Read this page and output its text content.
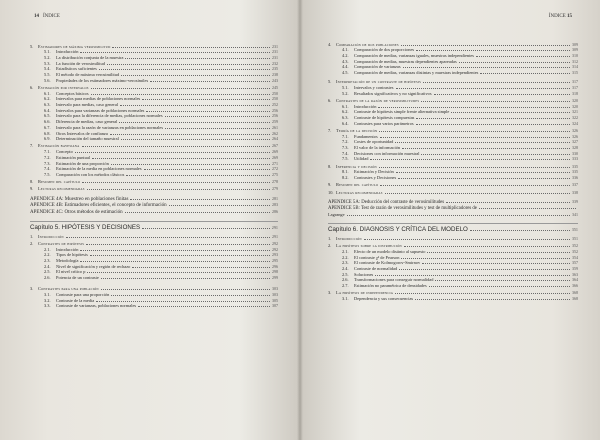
14 ÍNDICE
5.	Estimadores de máxima verosimilitud	231
5.1.	Introducción	231
5.2.	La distribución conjunta de la muestra	231
5.3.	La función de verosimilitud	232
5.4.	Estadísticos suficientes	235
5.5.	El método de máxima verosimilitud	238
5.6.	Propiedades de los estimadores máximo-verosímiles	243
6.	Estimación por intervalos	245
6.1.	Conceptos básicos	250
6.2.	Intervalos para medias de poblaciones normales	250
6.3.	Intervalo para medias, caso general	252
6.4.	Intervalos para varianzas de poblaciones normales	256
6.5.	Intervalo para la diferencia de medias, poblaciones normales	256
6.6.	Diferencia de medias, caso general	259
6.7.	Intervalo para la razón de varianzas en poblaciones normales	261
6.8.	Otros Intervalos de confianza	262
6.9.	Determinación del tamaño muestral	264
7.	Estimación bayesiana	267
7.1.	Concepto	269
7.2.	Estimación puntual	269
7.3.	Estimación de una proporción	271
7.4.	Estimación de la media en poblaciones normales	272
7.5.	Comparación con los métodos clásicos	275
8.	Resumen del capítulo	278
9.	Lecturas recomendadas	279
APENDICE 4A: Muestreo en poblaciones finitas	281
APENDICE 4B: Estimadores eficientes, el concepto de información	283
APENDICE 4C: Otros métodos de estimación	286
Capítulo 5. HIPÓTESIS Y DECISIONES	291
1.	Introducción	291
2.	Contrastes de hipótesis	292
2.1.	Introducción	292
2.2.	Tipos de hipótesis	293
2.3.	Metodología	295
2.4.	Nivel de significación y región de rechazo	296
2.5.	El nivel crítico p	298
2.6.	Potencia de un contraste	299
3.	Contrastes para una población	303
3.1.	Contraste para una proporción	303
3.2.	Contraste de la media	305
3.3.	Contraste de varianzas, poblaciones normales	307
ÍNDICE 15
4.	Comparación de dos poblaciones	309
4.1.	Comparación de dos proporciones	309
4.2.	Comparación de medias, varianzas iguales, muestras independientes	310
4.3.	Comparación de medias, muestras dependientes apareadas	312
4.4.	Comparación de varianzas	314
4.5.	Comparación de medias, varianzas distintas y muestras independientes	315
5.	Interpretación de un contraste de hipótesis	317
5.1.	Intervalos y contrastes	317
5.2.	Resultados significativos y no significativos	318
6.	Contrastes de la razón de verosimilitudes	320
6.1.	Introducción	320
6.2.	Contraste de hipótesis simple frente alternativa simple	321
6.3.	Contraste de hipótesis compuestas	322
6.4.	Contrastes para varios parámetros	324
7.	Teoría de la decisión	326
7.1.	Fundamentos	326
7.2.	Costes de oportunidad	327
7.3.	El valor de la información	328
7.4.	Decisiones con información muestral	330
7.5.	Utilidad	333
8.	Inferencia y decisión	335
8.1.	Estimación y Decisión	335
8.2.	Contrastes y Decisiones	336
9.	Resumen del capítulo	337
10. Lecturas recomendadas	338
APENDICE 5A: Deducción del contraste de verosimilitudes	339
APENDICE 5B: Test de razón de verosimilitudes y test de multiplicadores de
Lagrange	341
Capítulo 6. DIAGNOSIS Y CRÍTICA DEL MODELO	351
1.	Introducción	351
2.	La hipótesis sobre la distribución	352
2.1.	Efecto de un modelo distinto al supuesto	352
2.2.	El contraste χ² de Pearson	354
2.3.	El contraste de Kolmogorov-Smirnov	357
2.4.	Contraste de normalidad	359
2.5.	Soluciones	363
2.6.	Transformaciones para conseguir normalidad	364
2.7.	Estimación no paramétrica de densidades	366
3.	La hipótesis de independencia	368
3.1.	Dependencia y sus consecuencias	368
